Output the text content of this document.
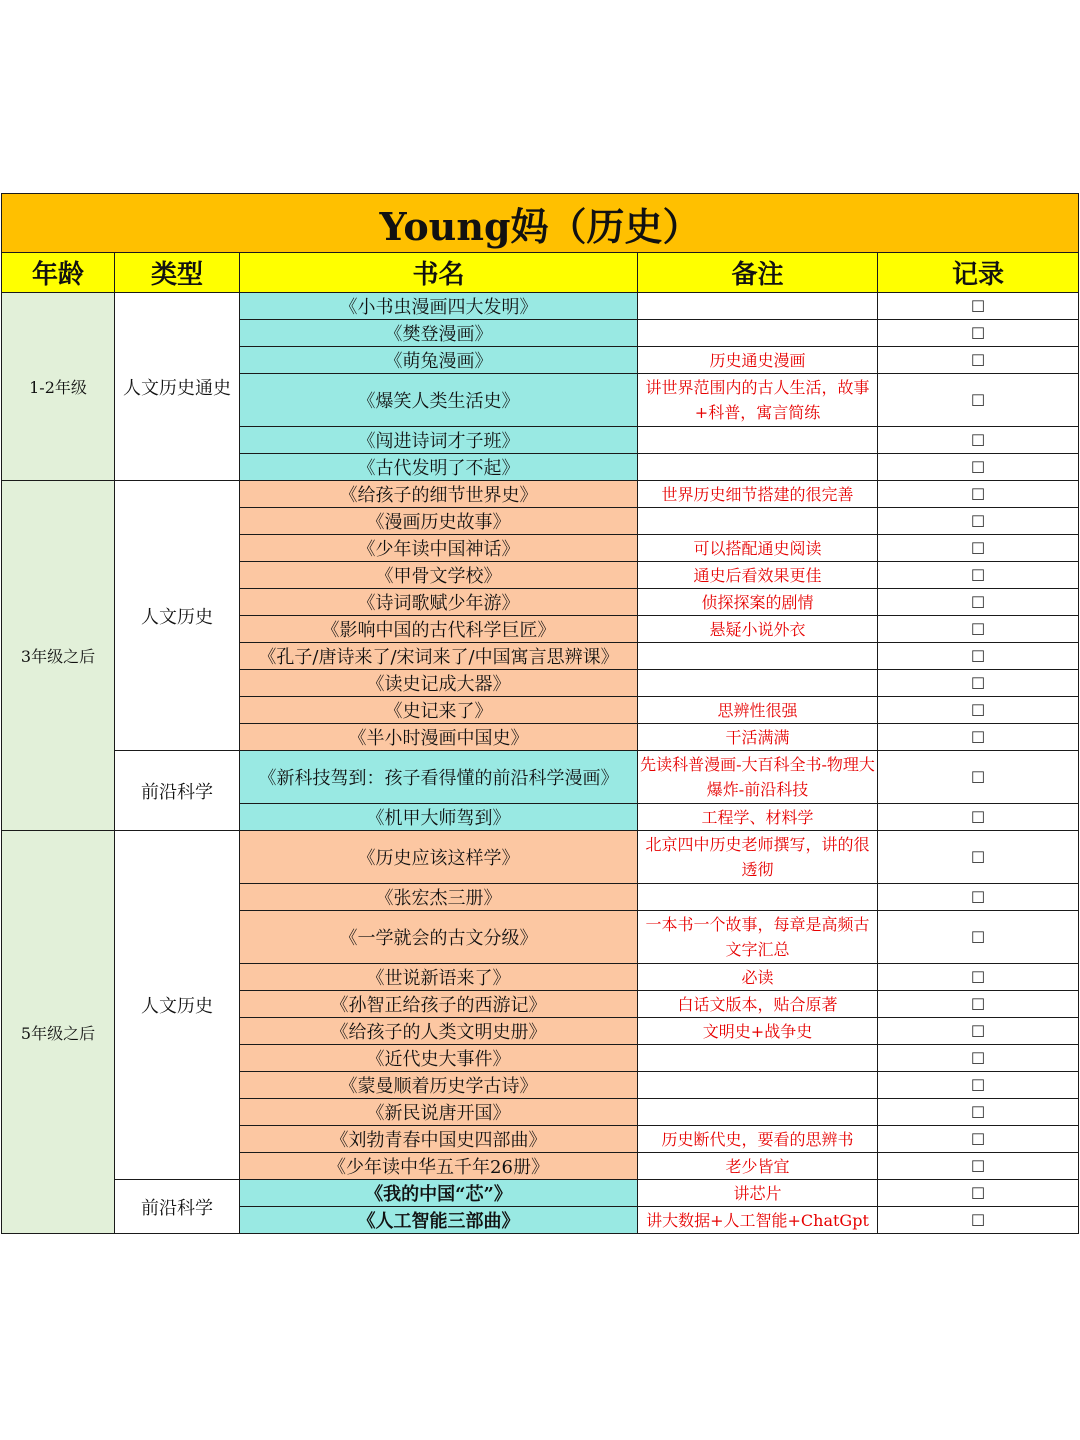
Young妈（历史）				
年龄	类型	书名	备注	记录
1-2年级	人文历史通史	《小书虫漫画四大发明》		☐
		《樊登漫画》		☐
		《萌兔漫画》	历史通史漫画	☐
		《爆笑人类生活史》	讲世界范围内的古人生活，故事+科普，寓言简练	☐
		《闯进诗词才子班》		☐
		《古代发明了不起》		☐
3年级之后	人文历史	《给孩子的细节世界史》	世界历史细节搭建的很完善	☐
		《漫画历史故事》		☐
		《少年读中国神话》	可以搭配通史阅读	☐
		《甲骨文学校》	通史后看效果更佳	☐
		《诗词歌赋少年游》	侦探探案的剧情	☐
		《影响中国的古代科学巨匠》	悬疑小说外衣	☐
		《孔子/唐诗来了/宋词来了/中国寓言思辨课》		☐
		《读史记成大器》		☐
		《史记来了》	思辨性很强	☐
		《半小时漫画中国史》	干活满满	☐
	前沿科学	《新科技驾到：孩子看得懂的前沿科学漫画》	先读科普漫画-大百科全书-物理大爆炸-前沿科技	☐
		《机甲大师驾到》	工程学、材料学	☐
5年级之后	人文历史	《历史应该这样学》	北京四中历史老师撰写，讲的很透彻	☐
		《张宏杰三册》		☐
		《一学就会的古文分级》	一本书一个故事，每章是高频古文字汇总	☐
		《世说新语来了》	必读	☐
		《孙智正给孩子的西游记》	白话文版本，贴合原著	☐
		《给孩子的人类文明史册》	文明史+战争史	☐
		《近代史大事件》		☐
		《蒙曼顺着历史学古诗》		☐
		《新民说唐开国》		☐
		《刘勃青春中国史四部曲》	历史断代史，要看的思辨书	☐
		《少年读中华五千年26册》	老少皆宜	☐
	前沿科学	《我的中国“芯”》	讲芯片	☐
		《人工智能三部曲》	讲大数据+人工智能+ChatGpt	☐
